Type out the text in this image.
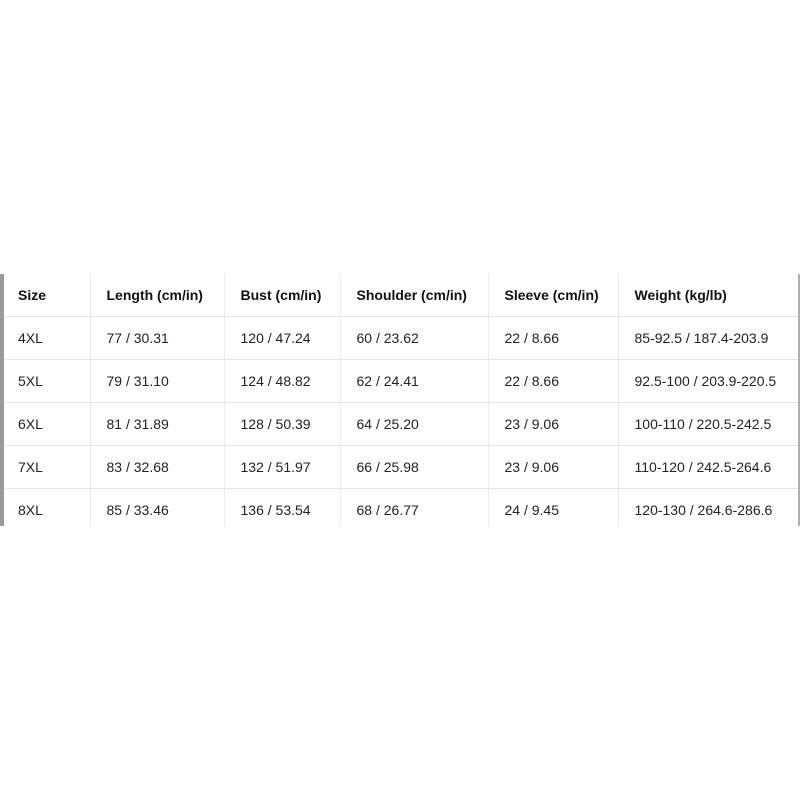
Size	Length (cm/in)	Bust (cm/in)	Shoulder (cm/in)	Sleeve (cm/in)	Weight (kg/lb)
4XL	77 / 30.31	120 / 47.24	60 / 23.62	22 / 8.66	85-92.5 / 187.4-203.9
5XL	79 / 31.10	124 / 48.82	62 / 24.41	22 / 8.66	92.5-100 / 203.9-220.5
6XL	81 / 31.89	128 / 50.39	64 / 25.20	23 / 9.06	100-110 / 220.5-242.5
7XL	83 / 32.68	132 / 51.97	66 / 25.98	23 / 9.06	110-120 / 242.5-264.6
8XL	85 / 33.46	136 / 53.54	68 / 26.77	24 / 9.45	120-130 / 264.6-286.6
